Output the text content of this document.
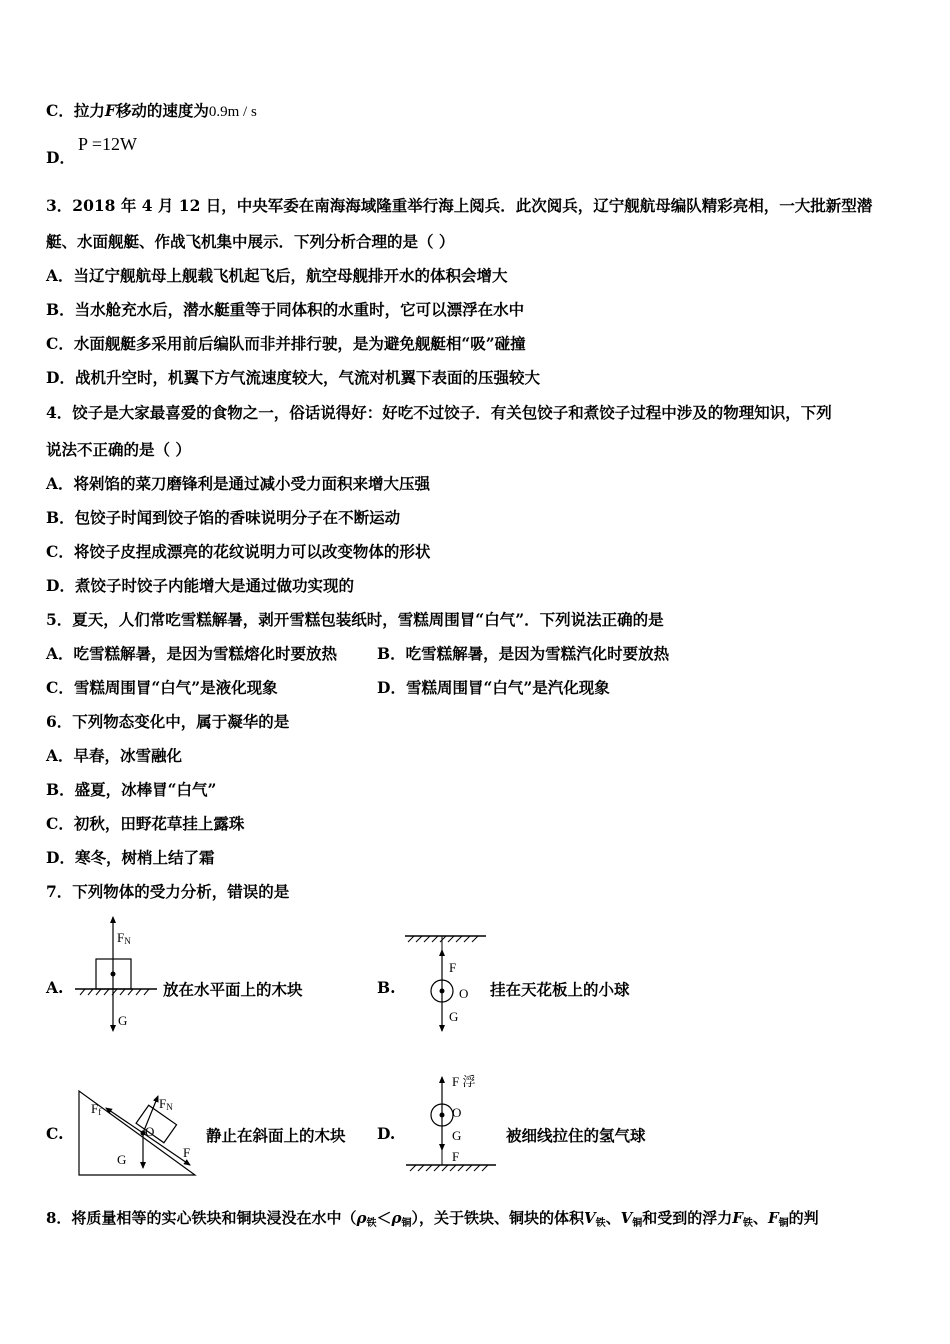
C．拉力F移动的速度为0.9m / s
D．
P =12W
3．2018 年 4 月 12 日，中央军委在南海海域隆重举行海上阅兵．此次阅兵，辽宁舰航母编队精彩亮相，一大批新型潜
艇、水面舰艇、作战飞机集中展示．下列分析合理的是（ ）
A．当辽宁舰航母上舰载飞机起飞后，航空母舰排开水的体积会增大
B．当水舱充水后，潜水艇重等于同体积的水重时，它可以漂浮在水中
C．水面舰艇多采用前后编队而非并排行驶，是为避免舰艇相“吸”碰撞
D．战机升空时，机翼下方气流速度较大，气流对机翼下表面的压强较大
4．饺子是大家最喜爱的食物之一，俗话说得好：好吃不过饺子．有关包饺子和煮饺子过程中涉及的物理知识，下列
说法不正确的是（ ）
A．将剁馅的菜刀磨锋利是通过减小受力面积来增大压强
B．包饺子时闻到饺子馅的香味说明分子在不断运动
C．将饺子皮捏成漂亮的花纹说明力可以改变物体的形状
D．煮饺子时饺子内能增大是通过做功实现的
5．夏天，人们常吃雪糕解暑，剥开雪糕包装纸时，雪糕周围冒“白气”．下列说法正确的是
A．吃雪糕解暑，是因为雪糕熔化时要放热	B．吃雪糕解暑，是因为雪糕汽化时要放热
C．雪糕周围冒“白气”是液化现象	D．雪糕周围冒“白气”是汽化现象
6．下列物态变化中，属于凝华的是
A．早春，冰雪融化
B．盛夏，冰棒冒“白气”
C．初秋，田野花草挂上露珠
D．寒冬，树梢上结了霜
7．下列物体的受力分析，错误的是
A.
FN
G
F
O
G
Ff
FN
O
G	F
F 浮
O
G
F
放在水平面上的木块	B.	挂在天花板上的小球
C.	静止在斜面上的木块 D.	被细线拉住的氢气球
8．将质量相等的实心铁块和铜块浸没在水中$(\rho_铁<\rho_铜)$，关于铁块、铜块的体积$V_铁$、$V_铜$和受到的浮力$F_铁$、$F_铜$的判
